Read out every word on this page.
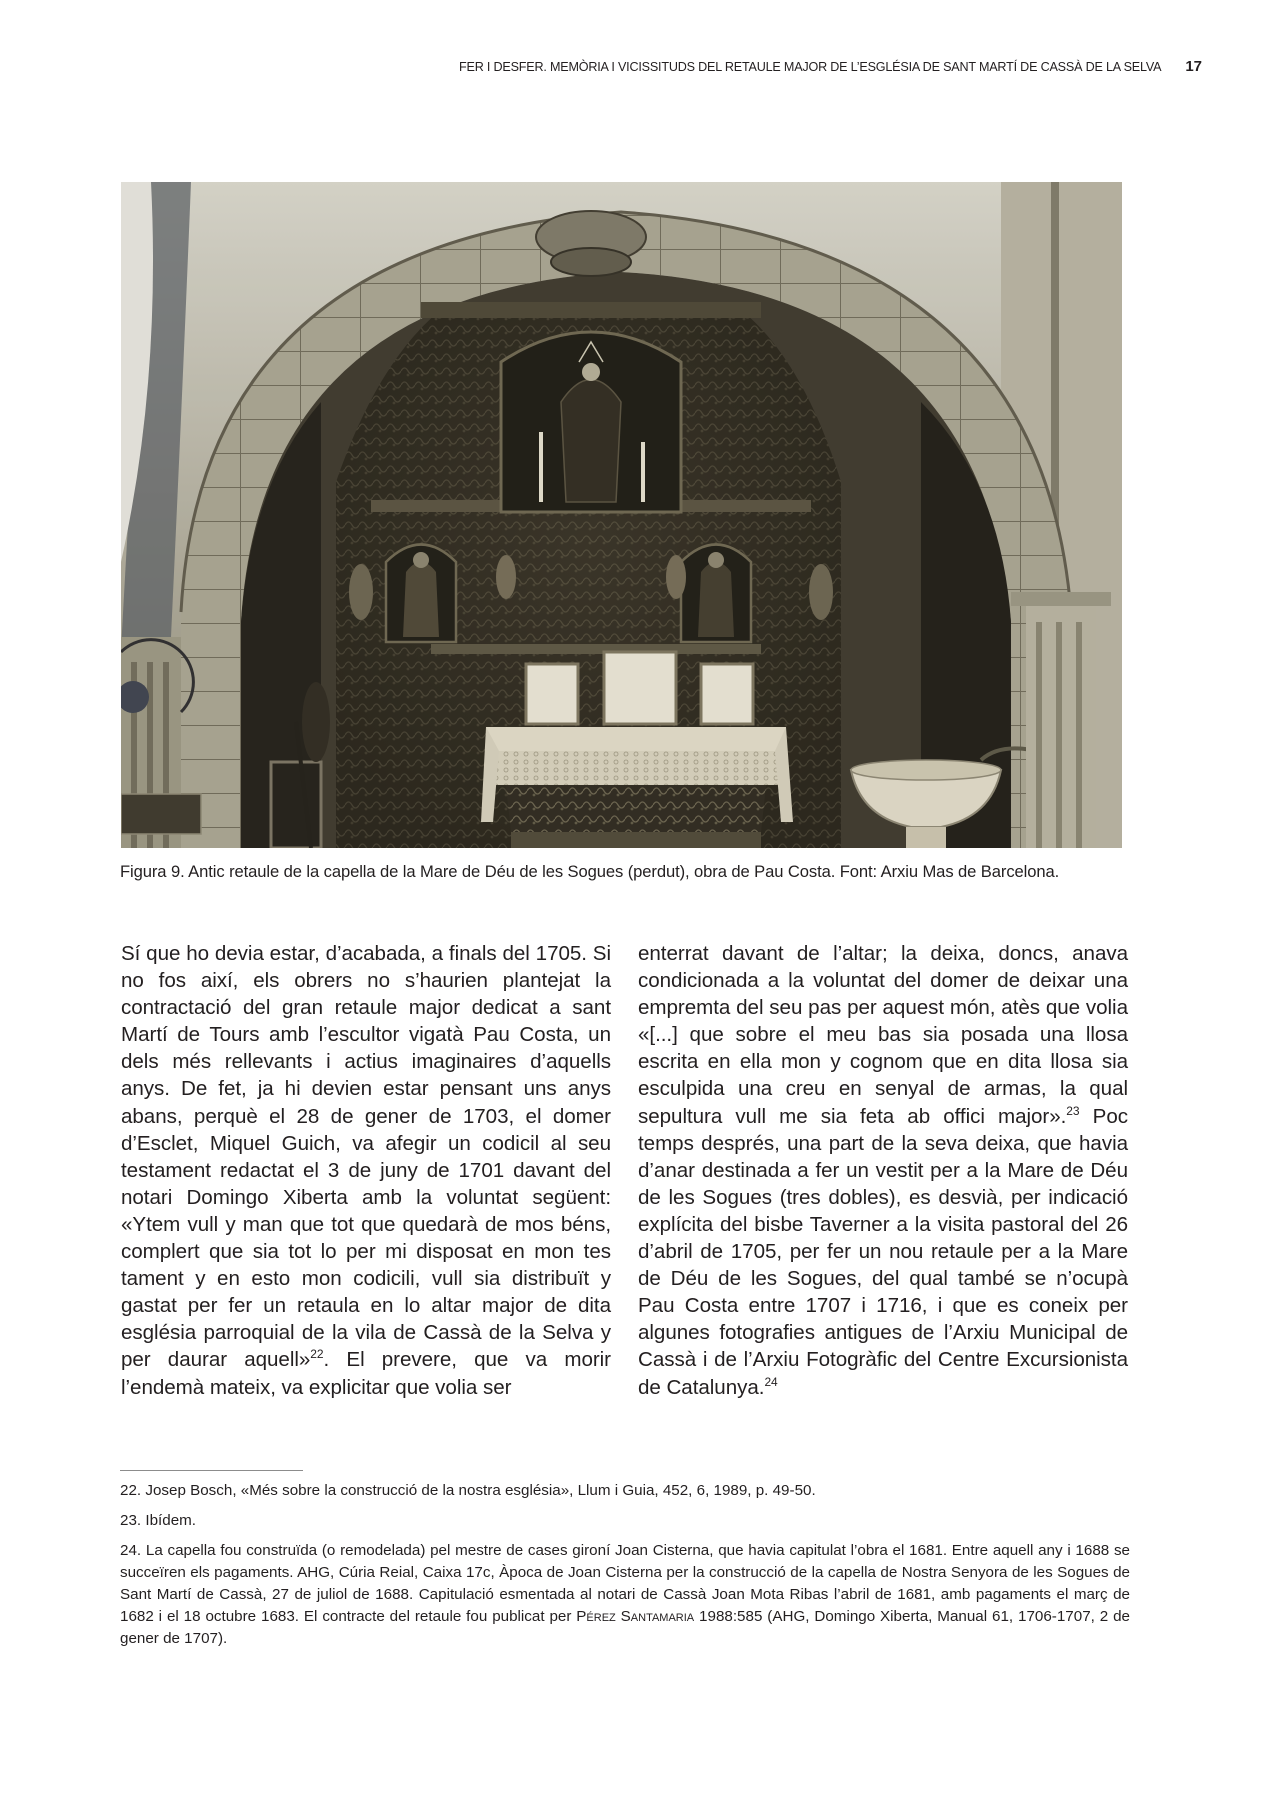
FER I DESFER. MEMÒRIA I VICISSITUDS DEL RETAULE MAJOR DE L’ESGLÉSIA DE SANT MARTÍ DE CASSÀ DE LA SELVA 17
Figura 9. Antic retaule de la capella de la Mare de Déu de les Sogues (perdut), obra de Pau Costa. Font: Arxiu Mas de Barcelona.

Sí que ho devia estar, d’acabada, a finals del 1705. Si no fos així, els obrers no s’haurien plantejat la contractació del gran retaule major dedicat a sant Martí de Tours amb l’escultor vigatà Pau Costa, un dels més rellevants i actius imaginaires d’aquells anys. De fet, ja hi devien estar pensant uns anys abans, perquè el 28 de gener de 1703, el domer d’Esclet, Miquel Guich, va afegir un codicil al seu testament redactat el 3 de juny de 1701 davant del notari Domingo Xiberta amb la voluntat següent: «Ytem vull y man que tot que quedarà de mos béns, complert que sia tot lo per mi disposat en mon tes tament y en esto mon codicili, vull sia distribuït y gastat per fer un retaula en lo altar major de dita església parroquial de la vila de Cassà de la Selva y per daurar aquell»$^{22}$. El prevere, que va morir l’endemà mateix, va explicitar que volia ser

enterrat davant de l’altar; la deixa, doncs, anava condicionada a la voluntat del domer de deixar una empremta del seu pas per aquest món, atès que volia «[...] que sobre el meu bas sia posada una llosa escrita en ella mon y cognom que en dita llosa sia esculpida una creu en senyal de armas, la qual sepultura vull me sia feta ab offici major».$^{23}$ Poc temps després, una part de la seva deixa, que havia d’anar destinada a fer un vestit per a la Mare de Déu de les Sogues (tres dobles), es desvià, per indicació explícita del bisbe Taverner a la visita pastoral del 26 d’abril de 1705, per fer un nou retaule per a la Mare de Déu de les Sogues, del qual també se n’ocupà Pau Costa entre 1707 i 1716, i que es coneix per algunes fotografies antigues de l’Arxiu Municipal de Cassà i de l’Arxiu Fotogràfic del Centre Excursionista de Catalunya.$^{24}$

22. Josep Bosch, «Més sobre la construcció de la nostra església», Llum i Guia, 452, 6, 1989, p. 49-50.

23. Ibídem.

24. La capella fou construïda (o remodelada) pel mestre de cases gironí Joan Cisterna, que havia capitulat l’obra el 1681. Entre aquell any i 1688 se succeïren els pagaments. AHG, Cúria Reial, Caixa 17c, Àpoca de Joan Cisterna per la construcció de la capella de Nostra Senyora de les Sogues de Sant Martí de Cassà, 27 de juliol de 1688. Capitulació esmentada al notari de Cassà Joan Mota Ribas l’abril de 1681, amb pagaments el març de 1682 i el 18 octubre 1683. El contracte del retaule fou publicat per Pérez Santamaria 1988:585 (AHG, Domingo Xiberta, Manual 61, 1706-1707, 2 de gener de 1707).
